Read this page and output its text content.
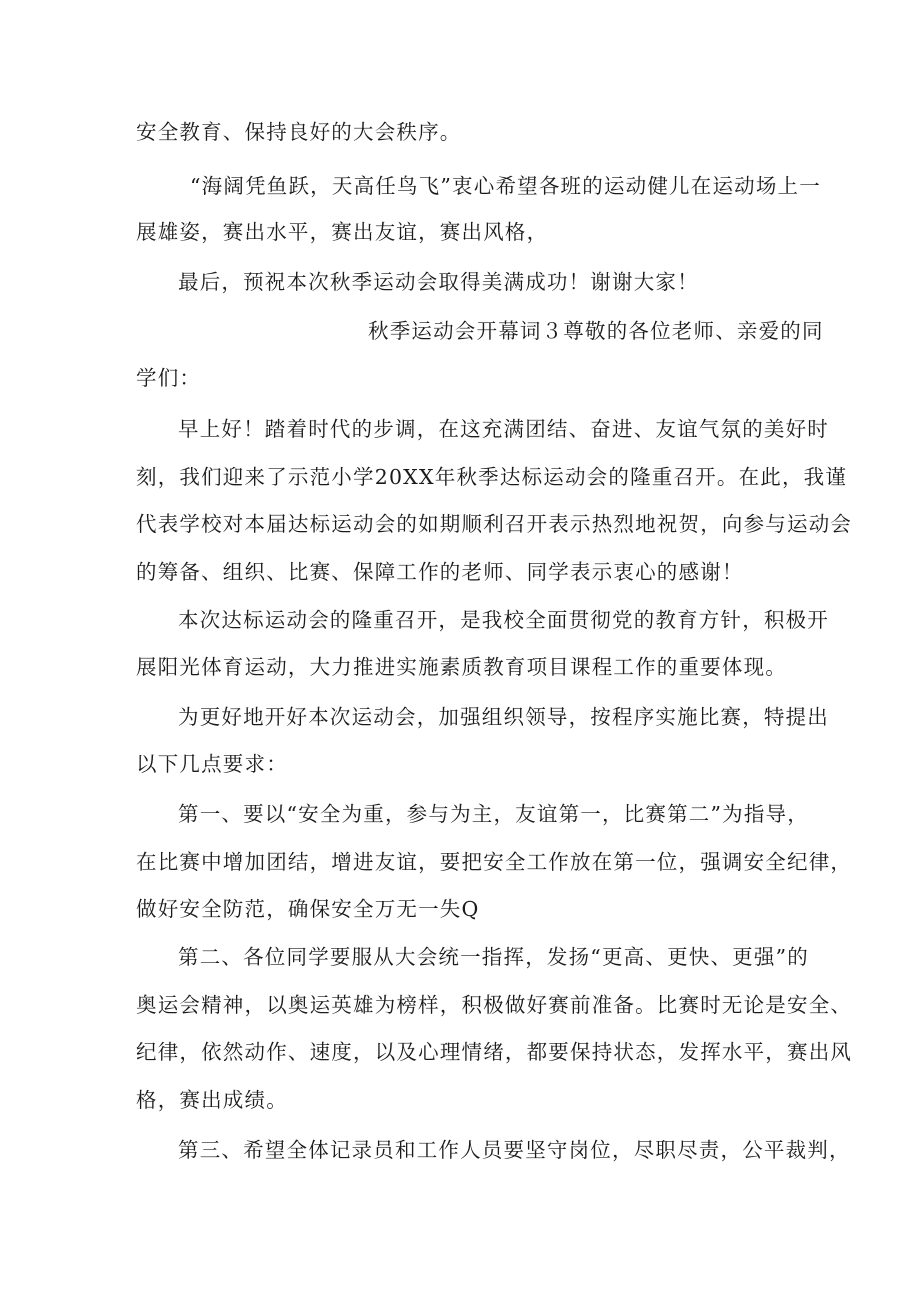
安全教育、保持良好的大会秩序。
“海阔凭鱼跃，天高任鸟飞”衷心希望各班的运动健儿在运动场上一
展雄姿，赛出水平，赛出友谊，赛出风格，
最后，预祝本次秋季运动会取得美满成功！谢谢大家！
秋季运动会开幕词３尊敬的各位老师、亲爱的同
学们：
早上好！踏着时代的步调，在这充满团结、奋进、友谊气氛的美好时
刻，我们迎来了示范小学20XX年秋季达标运动会的隆重召开。在此，我谨
代表学校对本届达标运动会的如期顺利召开表示热烈地祝贺，向参与运动会
的筹备、组织、比赛、保障工作的老师、同学表示衷心的感谢！
本次达标运动会的隆重召开，是我校全面贯彻党的教育方针，积极开
展阳光体育运动，大力推进实施素质教育项目课程工作的重要体现。
为更好地开好本次运动会，加强组织领导，按程序实施比赛，特提出
以下几点要求：
第一、要以“安全为重，参与为主，友谊第一，比赛第二”为指导，
在比赛中增加团结，增进友谊，要把安全工作放在第一位，强调安全纪律，
做好安全防范，确保安全万无一失Q
第二、各位同学要服从大会统一指挥，发扬“更高、更快、更强”的
奥运会精神，以奥运英雄为榜样，积极做好赛前准备。比赛时无论是安全、
纪律，依然动作、速度，以及心理情绪，都要保持状态，发挥水平，赛出风
格，赛出成绩。
第三、希望全体记录员和工作人员要坚守岗位，尽职尽责，公平裁判，
